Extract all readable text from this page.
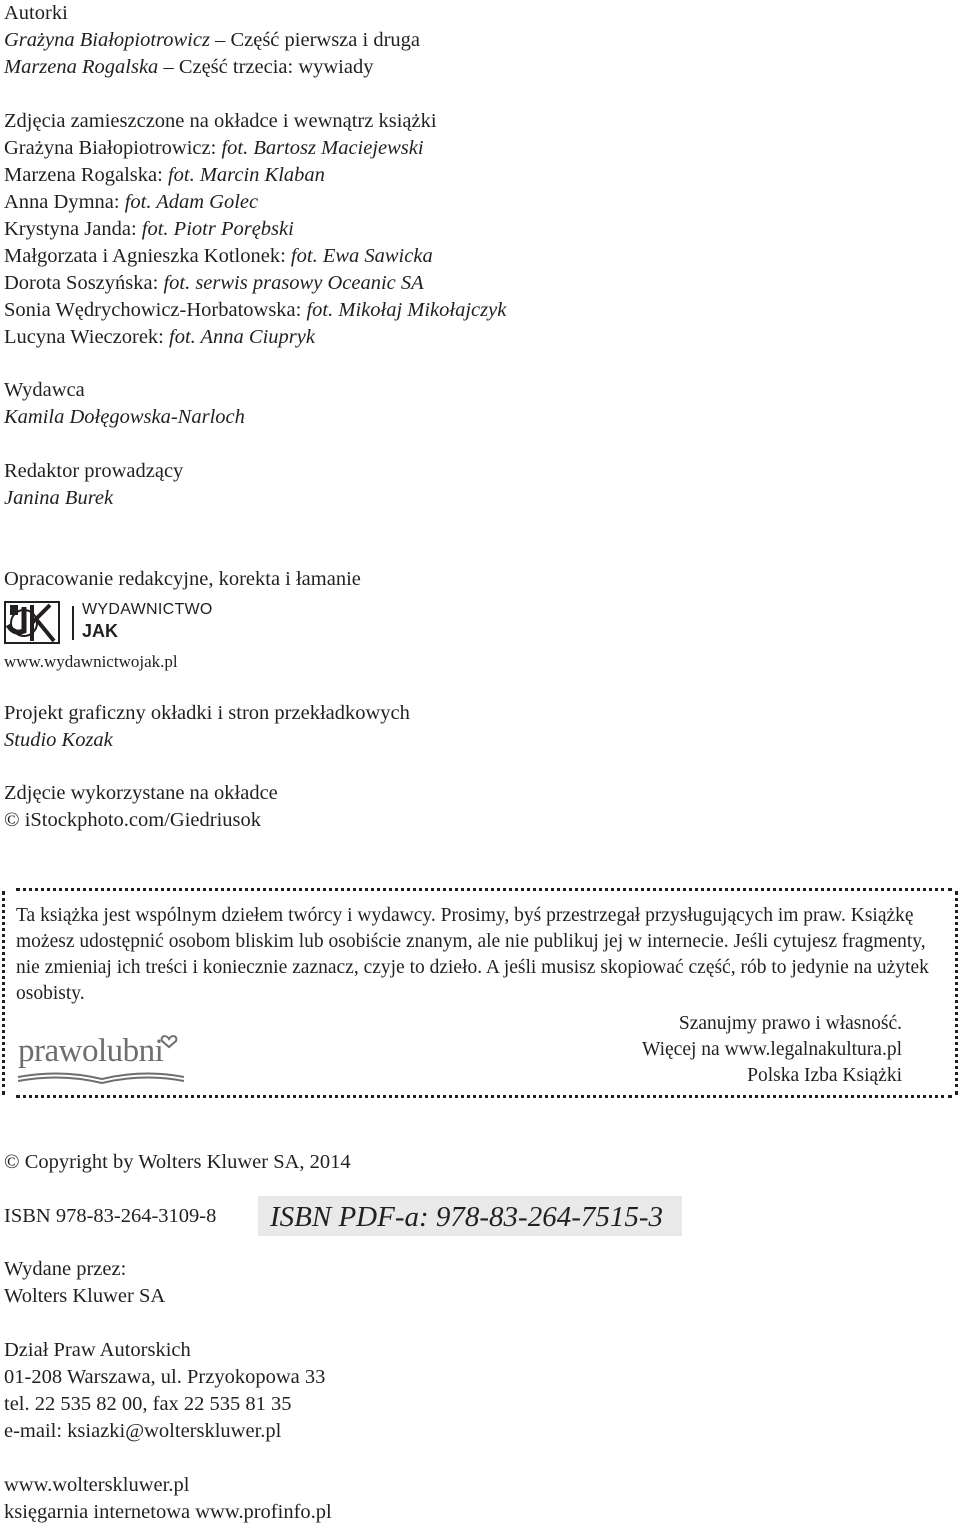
Autorki
Grażyna Białopiotrowicz – Część pierwsza i druga
Marzena Rogalska – Część trzecia: wywiady
Zdjęcia zamieszczone na okładce i wewnątrz książki
Grażyna Białopiotrowicz: fot. Bartosz Maciejewski
Marzena Rogalska: fot. Marcin Klaban
Anna Dymna: fot. Adam Golec
Krystyna Janda: fot. Piotr Porębski
Małgorzata i Agnieszka Kotlonek: fot. Ewa Sawicka
Dorota Soszyńska: fot. serwis prasowy Oceanic SA
Sonia Wędrychowicz-Horbatowska: fot. Mikołaj Mikołajczyk
Lucyna Wieczorek: fot. Anna Ciupryk
Wydawca
Kamila Dołęgowska-Narloch
Redaktor prowadzący
Janina Burek
Opracowanie redakcyjne, korekta i łamanie
WYDAWNICTWO
JAK
www.wydawnictwojak.pl
Projekt graficzny okładki i stron przekładkowych
Studio Kozak
Zdjęcie wykorzystane na okładce
© iStockphoto.com/Giedriusok
Ta książka jest wspólnym dziełem twórcy i wydawcy. Prosimy, byś przestrzegał przysługujących im praw. Książkę możesz udostępnić osobom bliskim lub osobiście znanym, ale nie publikuj jej w internecie. Jeśli cytujesz fragmenty, nie zmieniaj ich treści i koniecznie zaznacz, czyje to dzieło. A jeśli musisz skopiować część, rób to jedynie na użytek osobisty.
Szanujmy prawo i własność.
Więcej na www.legalnakultura.pl
Polska Izba Książki
prawolubni
© Copyright by Wolters Kluwer SA, 2014
ISBN 978-83-264-3109-8	ISBN PDF-a: 978-83-264-7515-3
Wydane przez:
Wolters Kluwer SA
Dział Praw Autorskich
01-208 Warszawa, ul. Przyokopowa 33
tel. 22 535 82 00, fax 22 535 81 35
e-mail: ksiazki@wolterskluwer.pl
www.wolterskluwer.pl
księgarnia internetowa www.profinfo.pl
